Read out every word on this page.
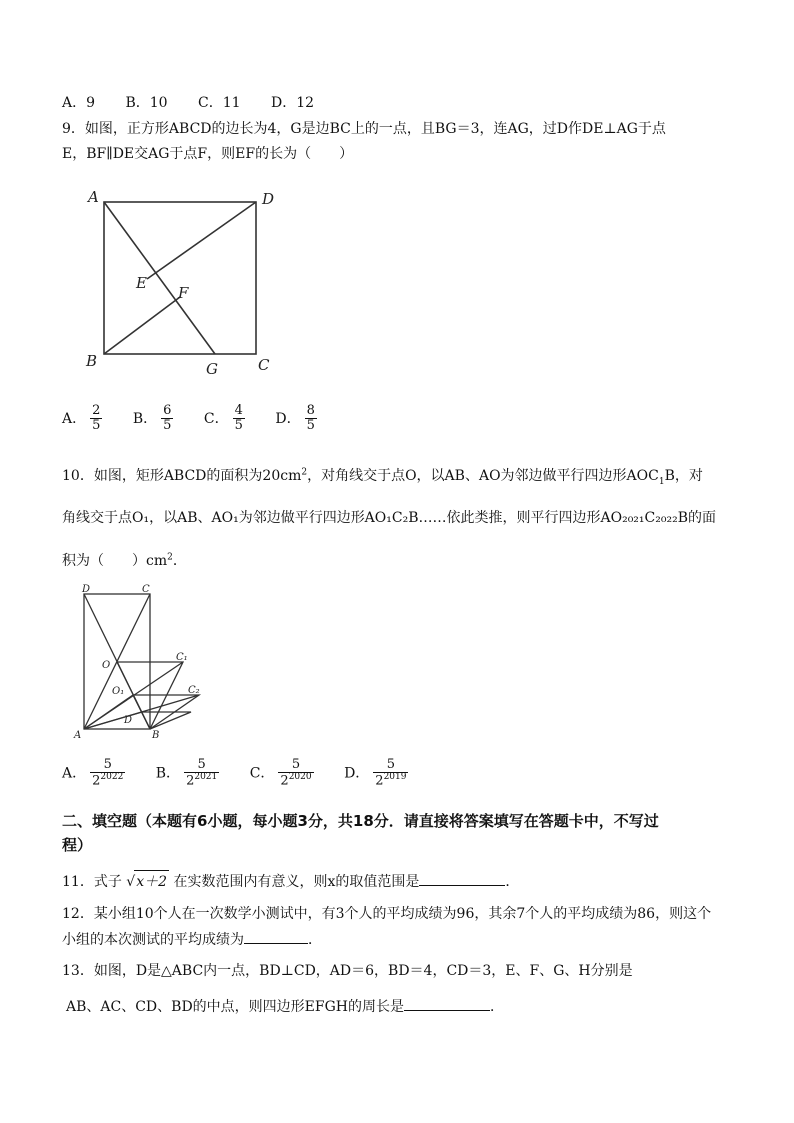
A．9 B．10 C．11 D．12
9．如图，正方形ABCD的边长为4，G是边BC上的一点，且BG＝3，连AG，过D作DE⊥AG于点
E，BF∥DE交AG于点F，则EF的长为（　　）
A	D
B	G	C
E
F
A． $\frac{2}{5}$ B． $\frac{6}{5}$ C． $\frac{4}{5}$ D． $\frac{8}{5}$
10．如图，矩形ABCD的面积为$20cm^2$，对角线交于点O，以AB、AO为邻边做平行四边形$AOC_1B$，对
角线交于点O₁，以AB、AO₁为邻边做平行四边形AO₁C₂B……依此类推，则平行四边形AO₂₀₂₁C₂₀₂₂B的面
积为（　　）$cm^2$．
D	C
O
C₁
O₁	C₂
D
A	B
A． $\frac{5}{2^{2022}}$ B． $\frac{5}{2^{2021}}$ C． $\frac{5}{2^{2020}}$ D． $\frac{5}{2^{2019}}$
二、填空题（本题有6小题，每小题3分，共18分．请直接将答案填写在答题卡中，不写过
程）
11．式子 √x＋2 在实数范围内有意义，则x的取值范围是	．
12．某小组10个人在一次数学小测试中，有3个人的平均成绩为96，其余7个人的平均成绩为86，则这个
小组的本次测试的平均成绩为	．
13．如图，D是△ABC内一点，BD⊥CD，AD＝6，BD＝4，CD＝3，E、F、G、H分别是
AB、AC、CD、BD的中点，则四边形EFGH的周长是	．
